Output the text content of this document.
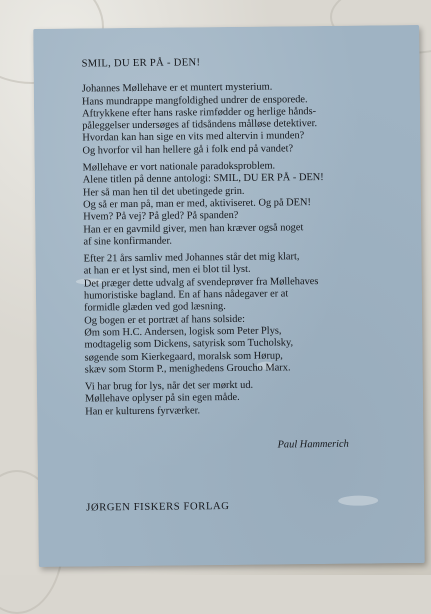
SMIL, DU ER PÅ - DEN!
Johannes Møllehave er et muntert mysterium.
Hans mundrappe mangfoldighed undrer de ensporede.
Aftrykkene efter hans raske rimfødder og herlige hånds-
påleggelser undersøges af tidsåndens målløse detektiver.
Hvordan kan han sige en vits med altervin i munden?
Og hvorfor vil han hellere gå i folk end på vandet?
Møllehave er vort nationale paradoksproblem.
Alene titlen på denne antologi: SMIL, DU ER PÅ - DEN!
Her så man hen til det ubetingede grin.
Og så er man på, man er med, aktiviseret. Og på DEN!
Hvem? På vej? På gled? På spanden?
Han er en gavmild giver, men han kræver også noget
af sine konfirmander.
Efter 21 års samliv med Johannes står det mig klart,
at han er et lyst sind, men ei blot til lyst.
Det præger dette udvalg af svendeprøver fra Møllehaves
humoristiske bagland. En af hans nådegaver er at
formidle glæden ved god læsning.
Og bogen er et portræt af hans solside:
Øm som H.C. Andersen, logisk som Peter Plys,
modtagelig som Dickens, satyrisk som Tucholsky,
søgende som Kierkegaard, moralsk som Hørup,
skæv som Storm P., menighedens Groucho Marx.
Vi har brug for lys, når det ser mørkt ud.
Møllehave oplyser på sin egen måde.
Han er kulturens fyrværker.
Paul Hammerich
JØRGEN FISKERS FORLAG
